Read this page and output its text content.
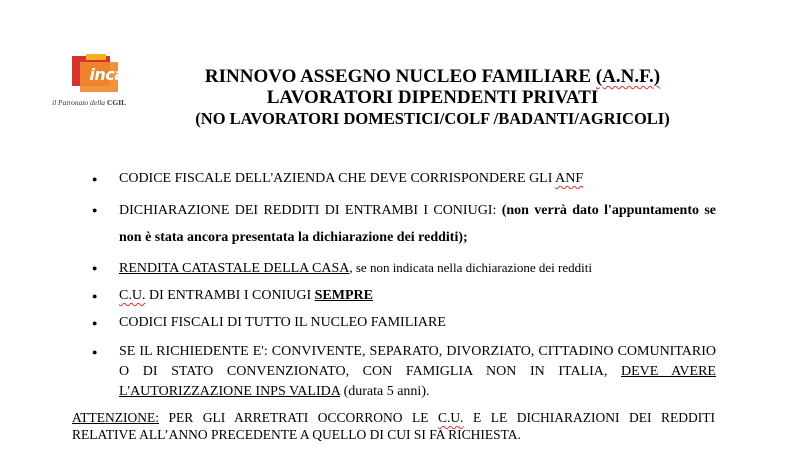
inca
il Patronato della CGIL
RINNOVO ASSEGNO NUCLEO FAMILIARE (A.N.F.)
LAVORATORI DIPENDENTI PRIVATI
(NO LAVORATORI DOMESTICI/COLF /BADANTI/AGRICOLI)
● CODICE FISCALE DELL'AZIENDA CHE DEVE CORRISPONDERE GLI ANF
● DICHIARAZIONE DEI REDDITI DI ENTRAMBI I CONIUGI: (non verrà dato l'appuntamento se non è stata ancora presentata la dichiarazione dei redditi);
● RENDITA CATASTALE DELLA CASA, se non indicata nella dichiarazione dei redditi
● C.U. DI ENTRAMBI I CONIUGI SEMPRE
● CODICI FISCALI DI TUTTO IL NUCLEO FAMILIARE
● SE IL RICHIEDENTE E': CONVIVENTE, SEPARATO, DIVORZIATO, CITTADINO COMUNITARIO O DI STATO CONVENZIONATO, CON FAMIGLIA NON IN ITALIA, DEVE AVERE L'AUTORIZZAZIONE INPS VALIDA (durata 5 anni).
ATTENZIONE: PER GLI ARRETRATI OCCORRONO LE C.U. E LE DICHIARAZIONI DEI REDDITI RELATIVE ALL’ANNO PRECEDENTE A QUELLO DI CUI SI FA RICHIESTA.
